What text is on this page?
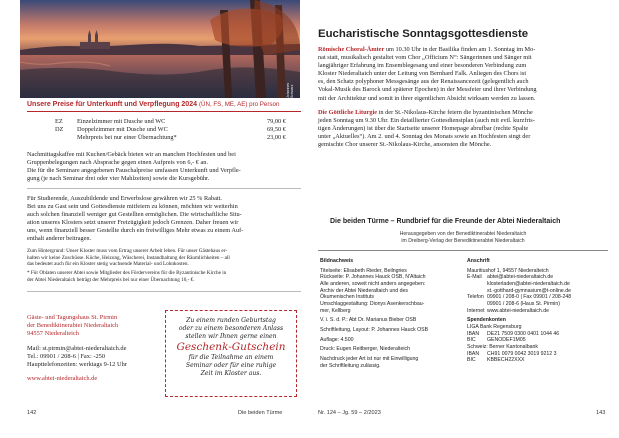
Johannes Schwarz
Unsere Preise für Unterkunft und Verpflegung 2024 (ÜN, FS, ME, AE) pro Person
EZ Einzelzimmer mit Dusche und WC	79,00 €
DZ Doppelzimmer mit Dusche und WC	69,50 €
Mehrpreis bei nur einer Übernachtung*	23,00 €
Nachmittagskaffee mit Kuchen/Gebäck bieten wir an manchen Hochfesten und bei
Gruppenbelegungen nach Absprache gegen einen Aufpreis von 6,- € an.
Die für die Seminare angegebenen Pauschalpreise umfassen Unterkunft und Verpfle-
gung (je nach Seminar drei oder vier Mahlzeiten) sowie die Kursgebühr.
Für Studierende, Auszubildende und Erwerbslose gewähren wir 25 % Rabatt.
Bei uns zu Gast sein und Gottesdienste mitfeiern zu können, möchten wir weiterhin
auch solchen finanziell weniger gut Gestellten ermöglichen. Die wirtschaftliche Situ-
ation unseres Klosters setzt unserer Freizügigkeit jedoch Grenzen. Daher freuen wir
uns, wenn finanziell besser Gestellte durch ein freiwilliges Mehr etwas zu einem Auf-
enthalt anderer beitragen.
Zum Hintergrund: Unser Kloster muss vom Ertrag unserer Arbeit leben. Für unser Gästehaus er-
halten wir keine Zuschüsse. Küche, Heizung, Wäscherei, Instandhaltung der Räumlichkeiten – all
das bedeutet auch für ein Kloster stetig wachsende Material- und Lohnkosten.
* Für Oblaten unserer Abtei sowie Mitglieder des Fördervereins für die Byzantinische Kirche in
der Abtei Niederaltaich beträgt der Mehrpreis bei nur einer Übernachtung 10,- €.
Gäste- und Tagungshaus St. Pirmin
der Benediktinerabtei Niederaltaich
94557 Niederalteich
Mail: st.pirmin@abtei-niederaltaich.de
Tel.: 09901 / 208-6 | Fax: -250
Haupttelefonzeiten: werktags 9-12 Uhr
www.abtei-niederaltaich.de
Zu einem runden Geburtstag
oder zu einem besonderen Anlass
stellen wir Ihnen gerne einen
Geschenk-Gutschein
für die Teilnahme an einem
Seminar oder für eine ruhige
Zeit im Kloster aus.
142	Die beiden Türme
Eucharistische Sonntagsgottesdienste
Römische Choral-Ämter um 10.30 Uhr in der Basilika finden am 1. Sonntag im Mo-
nat statt, musikalisch gestaltet vom Chor „Officium N“: Sängerinnen und Sänger mit
langjähriger Erfahrung im Ensemblegesang und einer besonderen Verbindung zum
Kloster Niederaltaich unter der Leitung von Bernhard Falk. Anliegen des Chors ist
es, den Schatz polyphoner Messgesänge aus der Renaissancezeit (gelegentlich auch
Vokal-Musik des Barock und späterer Epochen) in der Messfeier und ihrer Verbindung
mit der Architektur und somit in ihrer eigentlichen Absicht wirksam werden zu lassen.
Die Göttliche Liturgie in der St.-Nikolaus-Kirche feiern die byzantinischen Mönche
jeden Sonntag um 9.30 Uhr. Ein detaillierter Gottesdienstplan (auch mit evtl. kurzfris-
tigen Änderungen) ist über die Startseite unserer Homepage abrufbar (rechte Spalte
unter „Aktuelles“). Am 2. und 4. Sonntag des Monats sowie an Hochfesten singt der
gemischte Chor unserer St.-Nikolaus-Kirche, ansonsten die Mönche.
Die beiden Türme – Rundbrief für die Freunde der Abtei Niederaltaich
Herausgegeben von der Benediktinerabtei Niederaltaich
im Dreiberg-Verlag der Benediktinerabtei Niederaltaich
Bildnachweis
Titelseite: Elisabeth Rieder, Beilngries
Rückseite: P. Johannes Hauck OSB, N'Altaich
Alle anderen, soweit nicht anders angegeben:
Archiv der Abtei Niederaltaich und des
Ökumenischen Instituts
Umschlaggestaltung: Dionys Asenkerschbau-
mer, Kellberg
V. i. S. d. P.: Abt Dr. Marianus Bieber OSB
Schriftleitung, Layout: P. Johannes Hauck OSB
Auflage: 4.500
Druck: Eugen Reitberger, Niederalteich
Nachdruck jeder Art ist nur mit Einwilligung
der Schriftleitung zulässig.
Anschrift
Mauritiushof 1, 94557 Niederalteich
E-Mail	abtei@abtei-niederaltaich.de
klosterladen@abtei-niederaltaich.de
st.-gotthard-gymnasium@t-online.de
Telefon 09901 / 208-0 | Fax 09901 / 208-248
09901 / 208-6 (Haus St. Pirmin)
Internet www.abtei-niederaltaich.de
Spendenkonten
LIGA Bank Regensburg
IBAN	DE21 7509 0300 0401 1044 46
BIC	GENODEF1M05
Schweiz: Berner Kantonalbank
IBAN	CH91 0079 0042 3019 9212 3
BIC	KBBECH22XXX
Nr. 124 – Jg. 59 – 2/2023	143
